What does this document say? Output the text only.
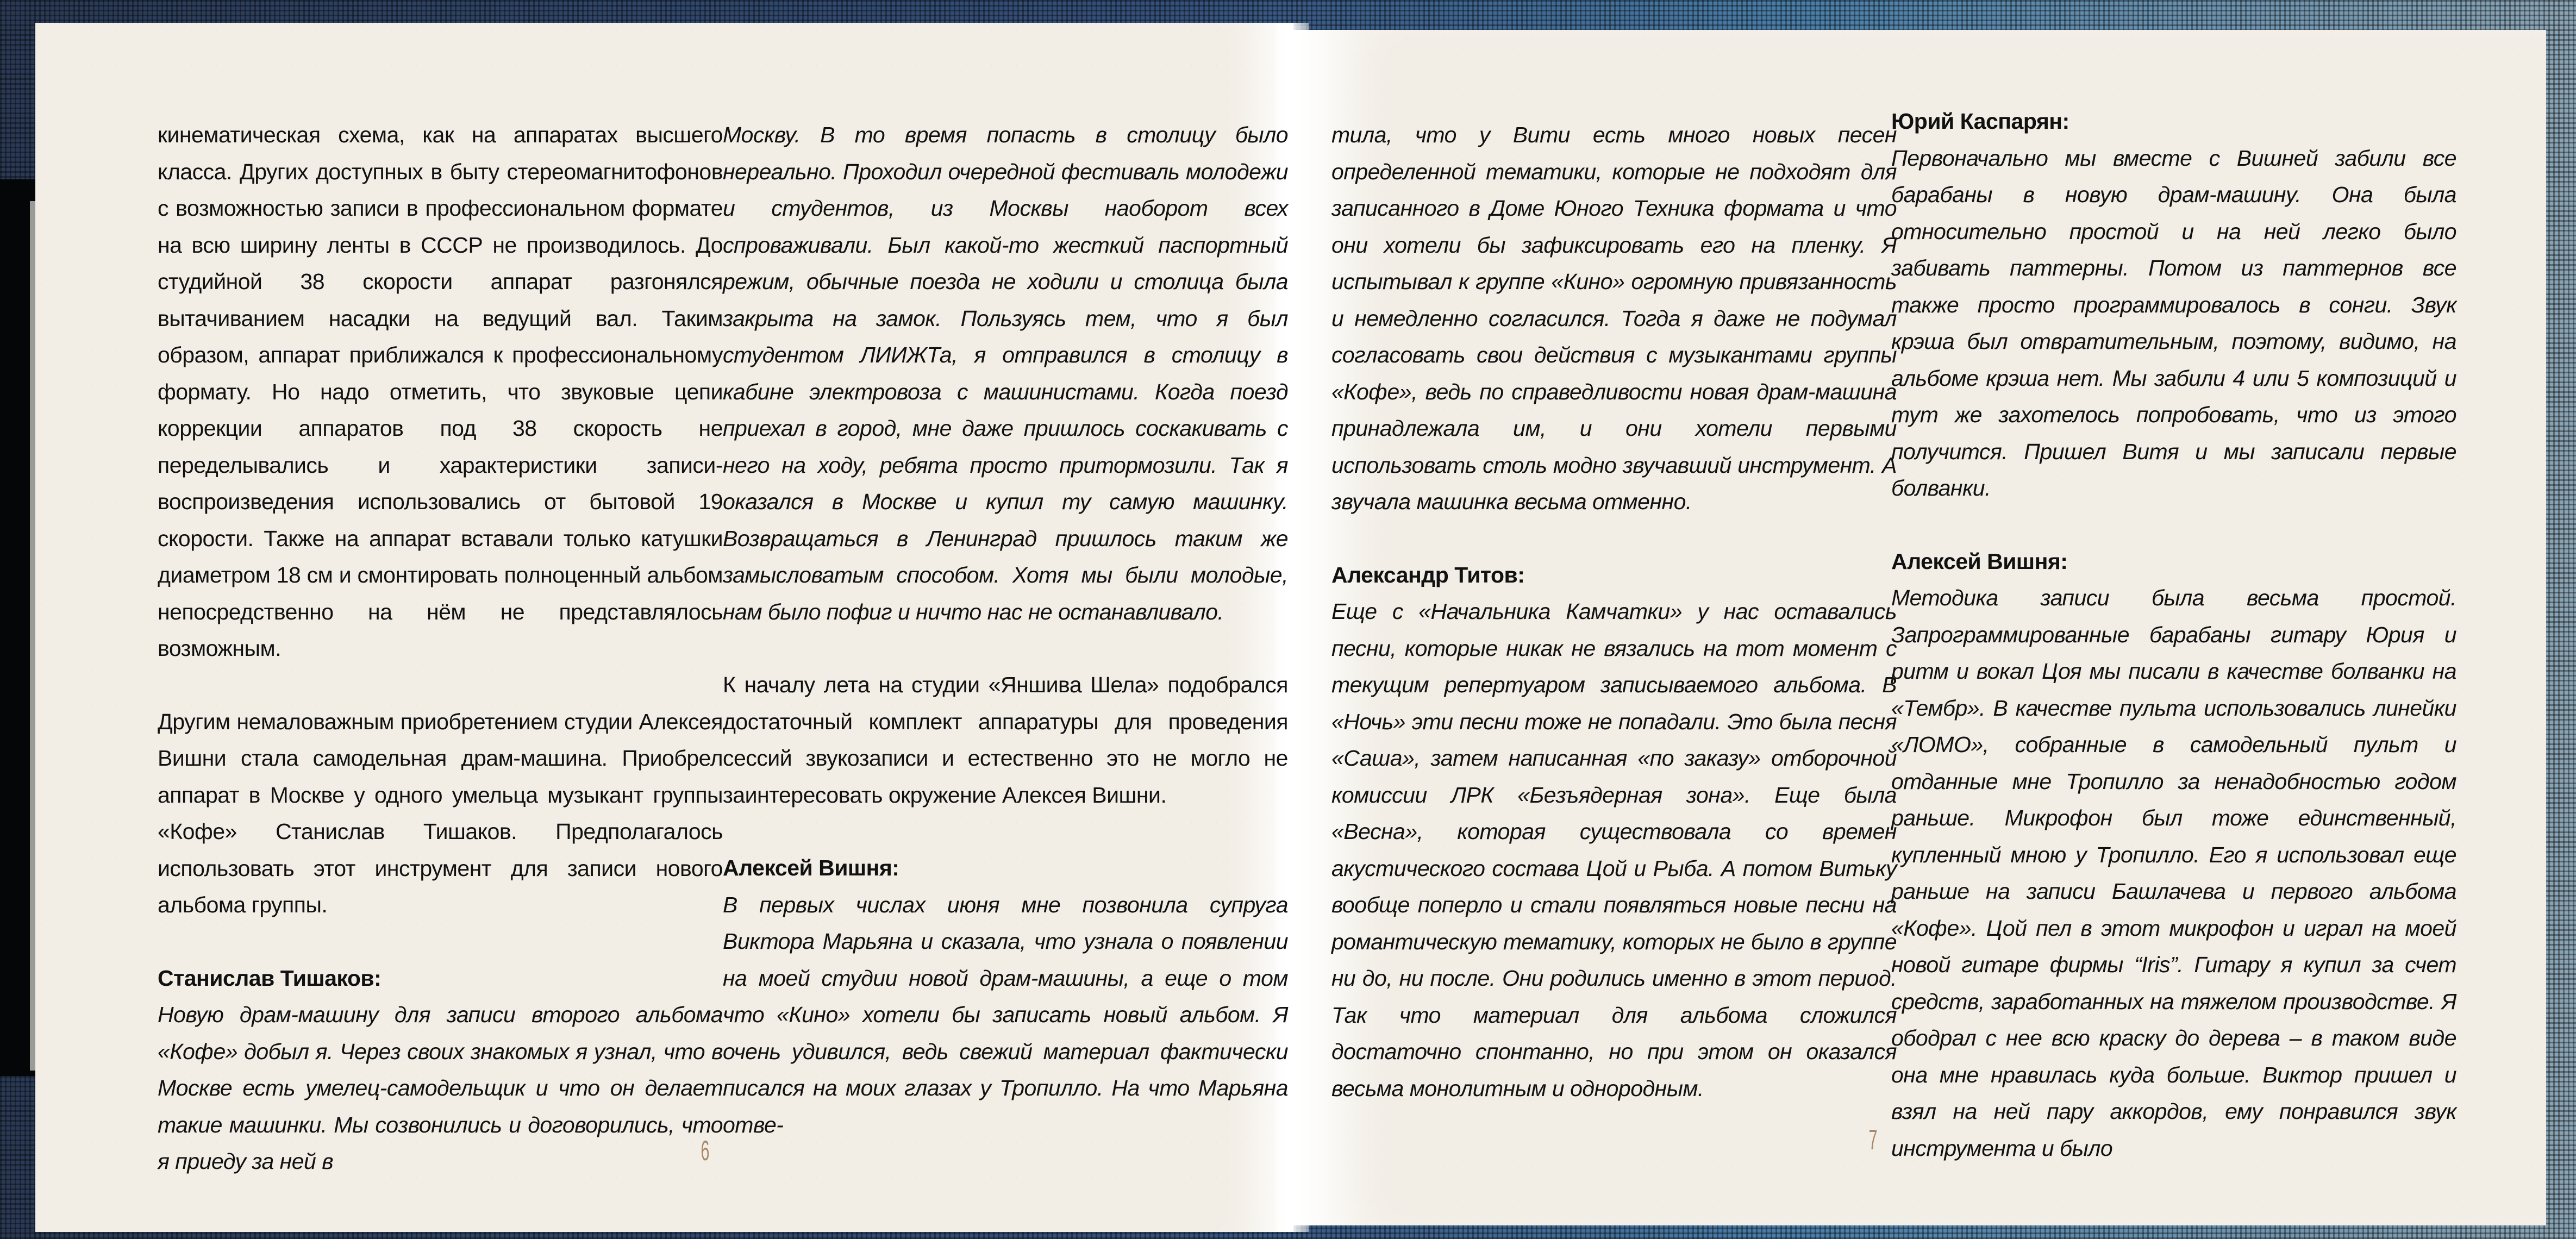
кинематическая схема, как на аппаратах высшего класса. Других доступных в быту стереомагнитофонов с возможностью записи в профессиональном формате на всю ширину ленты в СССР не производилось. До студийной 38 скорости аппарат разгонялся вытачиванием насадки на ведущий вал. Таким образом, аппарат приближался к профессиональному формату. Но надо отметить, что звуковые цепи коррекции аппаратов под 38 скорость не переделывались и характеристики записи-воспроизведения использовались от бытовой 19 скорости. Также на аппарат вставали только катушки диаметром 18 см и смонтировать полноценный альбом непосредственно на нём не представлялось возможным.

Другим немаловажным приобретением студии Алексея Вишни стала самодельная драм-машина. Приобрел аппарат в Москве у одного умельца музыкант группы «Кофе» Станислав Тишаков. Предполагалось использовать этот инструмент для записи нового альбома группы.

Станислав Тишаков:
Новую драм-машину для записи второго альбома «Кофе» добыл я. Через своих знакомых я узнал, что в Москве есть умелец-самодельщик и что он делает такие машинки. Мы созвонились и договорились, что я приеду за ней в

Москву. В то время попасть в столицу было нереально. Проходил очередной фестиваль молодежи и студентов, из Москвы наоборот всех спроваживали. Был какой-то жесткий паспортный режим, обычные поезда не ходили и столица была закрыта на замок. Пользуясь тем, что я был студентом ЛИИЖТа, я отправился в столицу в кабине электровоза с машинистами. Когда поезд приехал в город, мне даже пришлось соскакивать с него на ходу, ребята просто притормозили. Так я оказался в Москве и купил ту самую машинку. Возвращаться в Ленинград пришлось таким же замысловатым способом. Хотя мы были молодые, нам было пофиг и ничто нас не останавливало.

К началу лета на студии «Яншива Шела» подобрался достаточный комплект аппаратуры для проведения сессий звукозаписи и естественно это не могло не заинтересовать окружение Алексея Вишни.

Алексей Вишня:
В первых числах июня мне позвонила супруга Виктора Марьяна и сказала, что узнала о появлении на моей студии новой драм-машины, а еще о том что «Кино» хотели бы записать новый альбом. Я очень удивился, ведь свежий материал фактически писался на моих глазах у Тропилло. На что Марьяна отве-

тила, что у Вити есть много новых песен определенной тематики, которые не подходят для записанного в Доме Юного Техника формата и что они хотели бы зафиксировать его на пленку. Я испытывал к группе «Кино» огромную привязанность и немедленно согласился. Тогда я даже не подумал согласовать свои действия с музыкантами группы «Кофе», ведь по справедливости новая драм-машина принадлежала им, и они хотели первыми использовать столь модно звучавший инструмент. А звучала машинка весьма отменно.

Александр Титов:
Еще с «Начальника Камчатки» у нас оставались песни, которые никак не вязались на тот момент с текущим репертуаром записываемого альбома. В «Ночь» эти песни тоже не попадали. Это была песня «Саша», затем написанная «по заказу» отборочной комиссии ЛРК «Безъядерная зона». Еще была «Весна», которая существовала со времен акустического состава Цой и Рыба. А потом Витьку вообще поперло и стали появляться новые песни на романтическую тематику, которых не было в группе ни до, ни после. Они родились именно в этот период. Так что материал для альбома сложился достаточно спонтанно, но при этом он оказался весьма монолитным и однородным.

Юрий Каспарян:
Первоначально мы вместе с Вишней забили все барабаны в новую драм-машину. Она была относительно простой и на ней легко было забивать паттерны. Потом из паттернов все также просто программировалось в сонги. Звук крэша был отвратительным, поэтому, видимо, на альбоме крэша нет. Мы забили 4 или 5 композиций и тут же захотелось попробовать, что из этого получится. Пришел Витя и мы записали первые болванки.

Алексей Вишня:
Методика записи была весьма простой. Запрограммированные барабаны гитару Юрия и ритм и вокал Цоя мы писали в качестве болванки на «Тембр». В качестве пульта использовались линейки «ЛОМО», собранные в самодельный пульт и отданные мне Тропилло за ненадобностью годом раньше. Микрофон был тоже единственный, купленный мною у Тропилло. Его я использовал еще раньше на записи Башлачева и первого альбома «Кофе». Цой пел в этот микрофон и играл на моей новой гитаре фирмы “Iris”. Гитару я купил за счет средств, заработанных на тяжелом производстве. Я ободрал с нее всю краску до дерева – в таком виде она мне нравилась куда больше. Виктор пришел и взял на ней пару аккордов, ему понравился звук инструмента и было

6	7
